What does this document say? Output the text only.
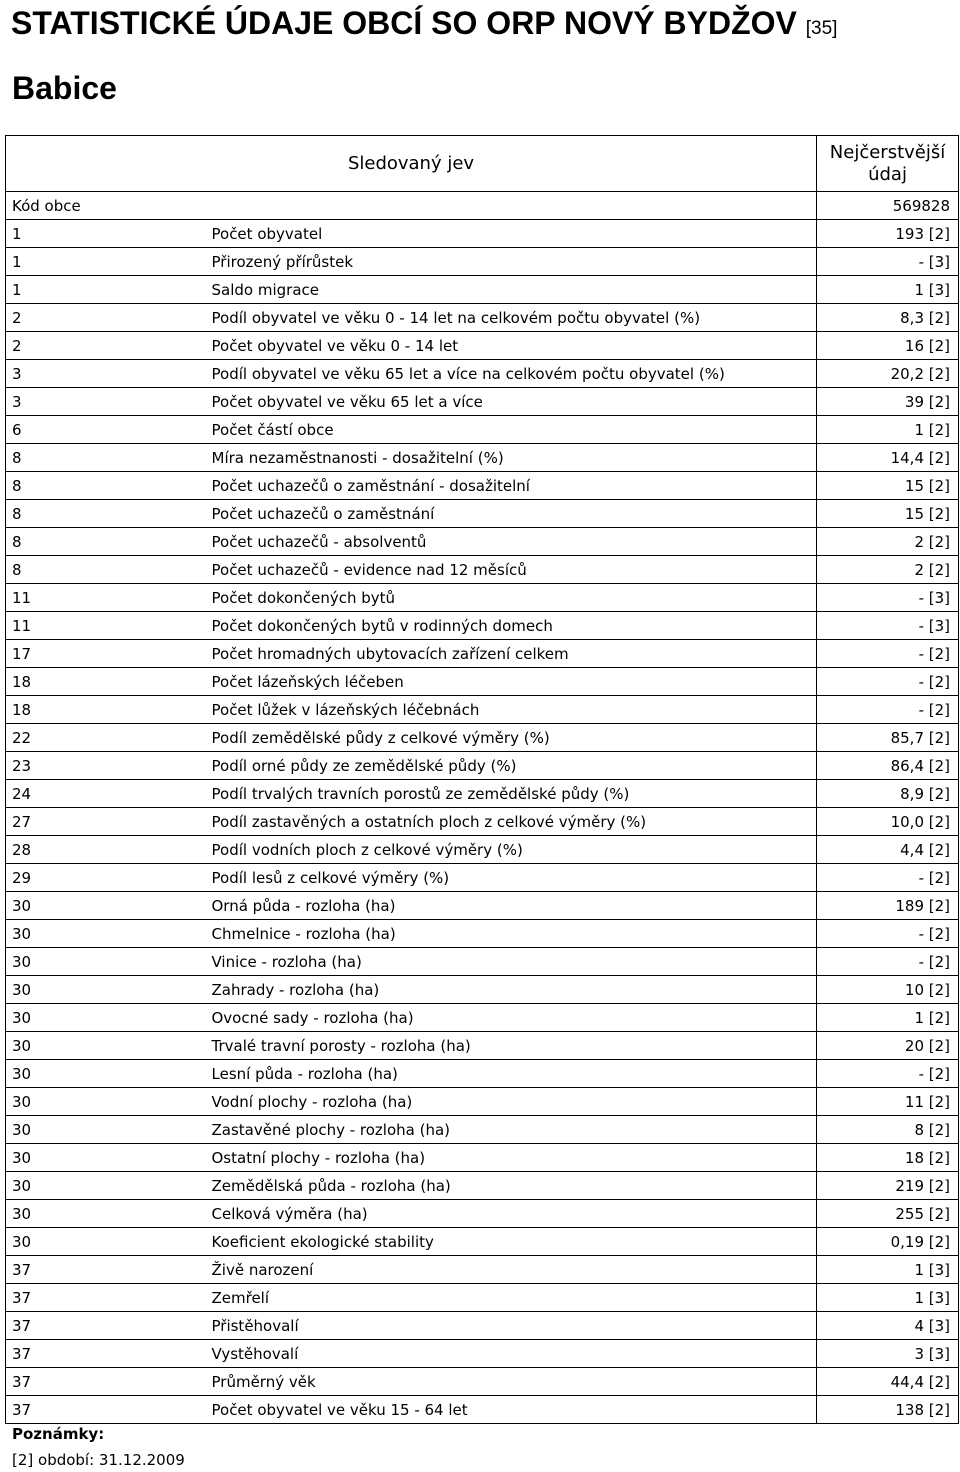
STATISTICKÉ ÚDAJE OBCÍ SO ORP NOVÝ BYDŽOV [35]
Babice
Sledovaný jev		Nejčerstvější údaj
Kód obce		569828
1	Počet obyvatel	193 [2]
1	Přirozený přírůstek	- [3]
1	Saldo migrace	1 [3]
2	Podíl obyvatel ve věku 0 - 14 let na celkovém počtu obyvatel (%)	8,3 [2]
2	Počet obyvatel ve věku 0 - 14 let	16 [2]
3	Podíl obyvatel ve věku 65 let a více na celkovém počtu obyvatel (%)	20,2 [2]
3	Počet obyvatel ve věku 65 let a více	39 [2]
6	Počet částí obce	1 [2]
8	Míra nezaměstnanosti - dosažitelní (%)	14,4 [2]
8	Počet uchazečů o zaměstnání - dosažitelní	15 [2]
8	Počet uchazečů o zaměstnání	15 [2]
8	Počet uchazečů - absolventů	2 [2]
8	Počet uchazečů - evidence nad 12 měsíců	2 [2]
11	Počet dokončených bytů	- [3]
11	Počet dokončených bytů v rodinných domech	- [3]
17	Počet hromadných ubytovacích zařízení celkem	- [2]
18	Počet lázeňských léčeben	- [2]
18	Počet lůžek v lázeňských léčebnách	- [2]
22	Podíl zemědělské půdy z celkové výměry (%)	85,7 [2]
23	Podíl orné půdy ze zemědělské půdy (%)	86,4 [2]
24	Podíl trvalých travních porostů ze zemědělské půdy (%)	8,9 [2]
27	Podíl zastavěných a ostatních ploch z celkové výměry (%)	10,0 [2]
28	Podíl vodních ploch z celkové výměry (%)	4,4 [2]
29	Podíl lesů z celkové výměry (%)	- [2]
30	Orná půda - rozloha (ha)	189 [2]
30	Chmelnice - rozloha (ha)	- [2]
30	Vinice - rozloha (ha)	- [2]
30	Zahrady - rozloha (ha)	10 [2]
30	Ovocné sady - rozloha (ha)	1 [2]
30	Trvalé travní porosty - rozloha (ha)	20 [2]
30	Lesní půda - rozloha (ha)	- [2]
30	Vodní plochy - rozloha (ha)	11 [2]
30	Zastavěné plochy - rozloha (ha)	8 [2]
30	Ostatní plochy - rozloha (ha)	18 [2]
30	Zemědělská půda - rozloha (ha)	219 [2]
30	Celková výměra (ha)	255 [2]
30	Koeficient ekologické stability	0,19 [2]
37	Živě narození	1 [3]
37	Zemřelí	1 [3]
37	Přistěhovalí	4 [3]
37	Vystěhovalí	3 [3]
37	Průměrný věk	44,4 [2]
37	Počet obyvatel ve věku 15 - 64 let	138 [2]
Poznámky:
[2] období: 31.12.2009
